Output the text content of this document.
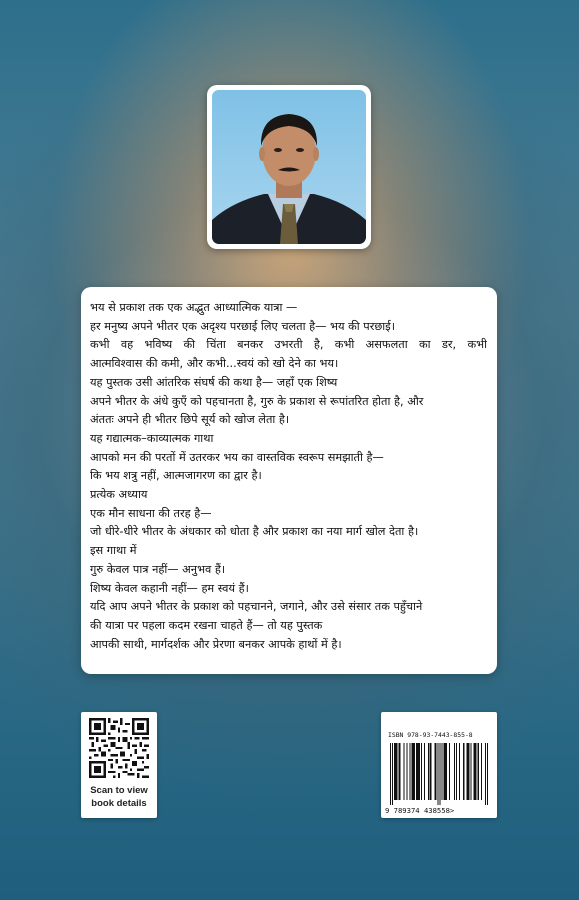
भय से प्रकाश तक एक अद्भुत आध्यात्मिक यात्रा —
हर मनुष्य अपने भीतर एक अदृश्य परछाई लिए चलता है— भय की परछाई।
कभी वह भविष्य की चिंता बनकर उभरती है, कभी असफलता का डर, कभी
आत्मविश्वास की कमी, और कभी...स्वयं को खो देने का भय।
यह पुस्तक उसी आंतरिक संघर्ष की कथा है— जहाँ एक शिष्य
अपने भीतर के अंधे कुएँ को पहचानता है, गुरु के प्रकाश से रूपांतरित होता है, और
अंततः अपने ही भीतर छिपे सूर्य को खोज लेता है।
यह गद्यात्मक–काव्यात्मक गाथा
आपको मन की परतों में उतरकर भय का वास्तविक स्वरूप समझाती है—
कि भय शत्रु नहीं, आत्मजागरण का द्वार है।
प्रत्येक अध्याय
एक मौन साधना की तरह है—
जो धीरे-धीरे भीतर के अंधकार को धोता है और प्रकाश का नया मार्ग खोल देता है।
इस गाथा में
गुरु केवल पात्र नहीं— अनुभव हैं।
शिष्य केवल कहानी नहीं— हम स्वयं हैं।
यदि आप अपने भीतर के प्रकाश को पहचानने, जगाने, और उसे संसार तक पहुँचाने
की यात्रा पर पहला कदम रखना चाहते हैं— तो यह पुस्तक
आपकी साथी, मार्गदर्शक और प्रेरणा बनकर आपके हाथों में है।
Scan to view
book details
ISBN 978-93-7443-855-8
9 789374 438558>
